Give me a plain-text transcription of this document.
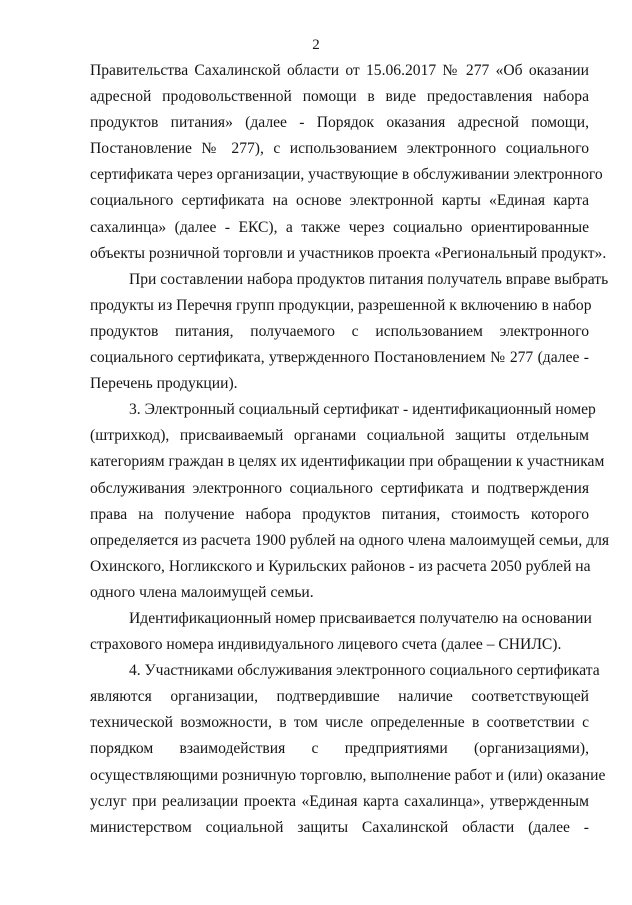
2
Правительства Сахалинской области от 15.06.2017 № 277 «Об оказании
адресной продовольственной помощи в виде предоставления набора
продуктов питания» (далее - Порядок оказания адресной помощи,
Постановление № 277), с использованием электронного социального
сертификата через организации, участвующие в обслуживании электронного
социального сертификата на основе электронной карты «Единая карта
сахалинца» (далее - ЕКС), а также через социально ориентированные
объекты розничной торговли и участников проекта «Региональный продукт».
При составлении набора продуктов питания получатель вправе выбрать
продукты из Перечня групп продукции, разрешенной к включению в набор
продуктов питания, получаемого с использованием электронного
социального сертификата, утвержденного Постановлением № 277 (далее -
Перечень продукции).
3. Электронный социальный сертификат - идентификационный номер
(штрихкод), присваиваемый органами социальной защиты отдельным
категориям граждан в целях их идентификации при обращении к участникам
обслуживания электронного социального сертификата и подтверждения
права на получение набора продуктов питания, стоимость которого
определяется из расчета 1900 рублей на одного члена малоимущей семьи, для
Охинского, Ногликского и Курильских районов - из расчета 2050 рублей на
одного члена малоимущей семьи.
Идентификационный номер присваивается получателю на основании
страхового номера индивидуального лицевого счета (далее – СНИЛС).
4. Участниками обслуживания электронного социального сертификата
являются организации, подтвердившие наличие соответствующей
технической возможности, в том числе определенные в соответствии с
порядком взаимодействия с предприятиями (организациями),
осуществляющими розничную торговлю, выполнение работ и (или) оказание
услуг при реализации проекта «Единая карта сахалинца», утвержденным
министерством социальной защиты Сахалинской области (далее -
